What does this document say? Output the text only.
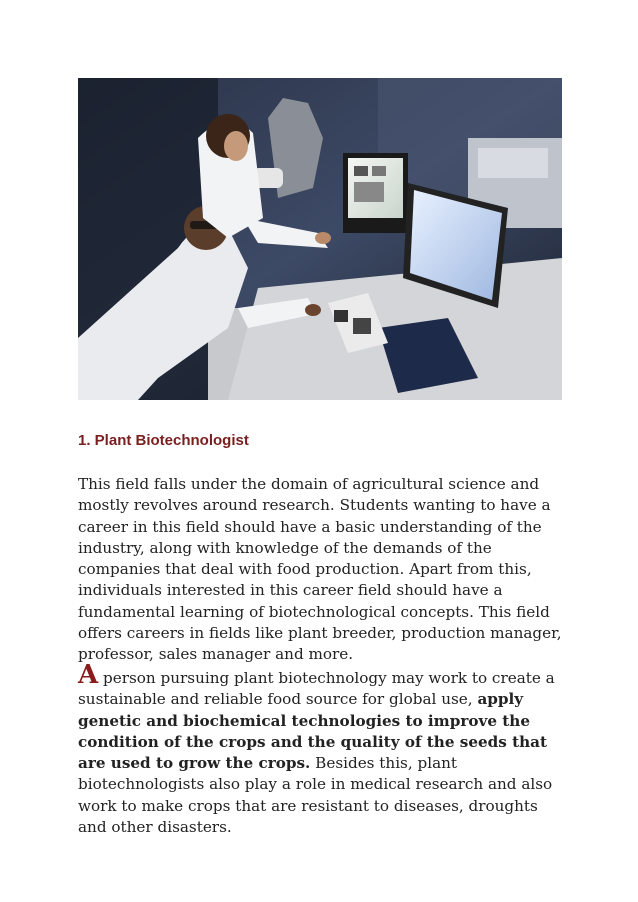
1. Plant Biotechnologist

This field falls under the domain of agricultural science and mostly revolves around research. Students wanting to have a career in this field should have a basic understanding of the industry, along with knowledge of the demands of the companies that deal with food production. Apart from this, individuals interested in this career field should have a fundamental learning of biotechnological concepts. This field offers careers in fields like plant breeder, production manager, professor, sales manager and more.

A person pursuing plant biotechnology may work to create a sustainable and reliable food source for global use, apply genetic and biochemical technologies to improve the condition of the crops and the quality of the seeds that are used to grow the crops. Besides this, plant biotechnologists also play a role in medical research and also work to make crops that are resistant to diseases, droughts and other disasters.
